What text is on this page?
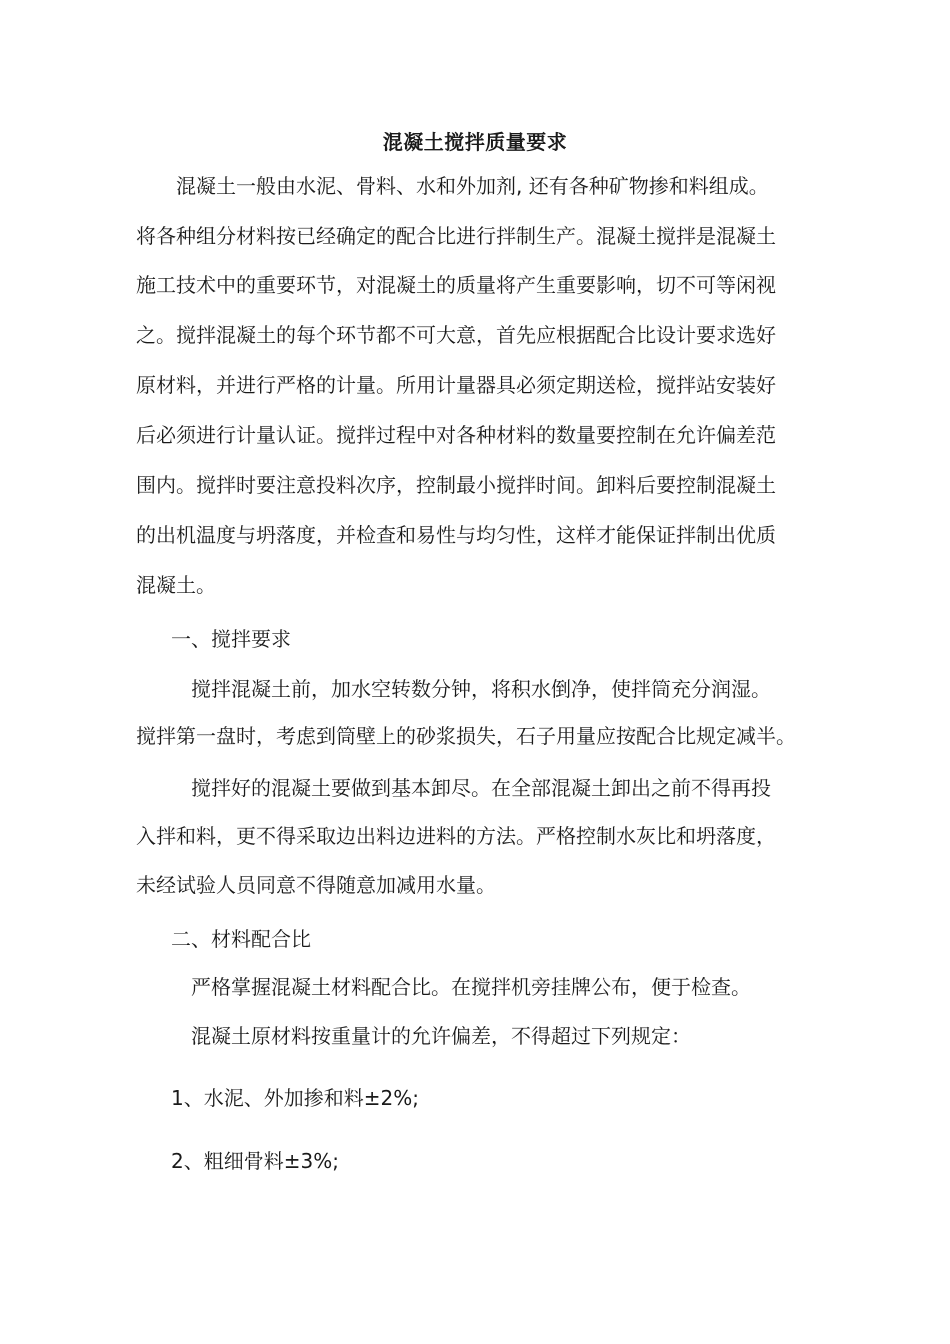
混凝土搅拌质量要求
混凝土一般由水泥、骨料、水和外加剂, 还有各种矿物掺和料组成。
将各种组分材料按已经确定的配合比进行拌制生产。混凝土搅拌是混凝土
施工技术中的重要环节，对混凝土的质量将产生重要影响，切不可等闲视
之。搅拌混凝土的每个环节都不可大意，首先应根据配合比设计要求选好
原材料，并进行严格的计量。所用计量器具必须定期送检，搅拌站安装好
后必须进行计量认证。搅拌过程中对各种材料的数量要控制在允许偏差范
围内。搅拌时要注意投料次序，控制最小搅拌时间。卸料后要控制混凝土
的出机温度与坍落度，并检查和易性与均匀性，这样才能保证拌制出优质
混凝土。
一、搅拌要求
搅拌混凝土前，加水空转数分钟，将积水倒净，使拌筒充分润湿。
搅拌第一盘时，考虑到筒壁上的砂浆损失，石子用量应按配合比规定减半。
搅拌好的混凝土要做到基本卸尽。在全部混凝土卸出之前不得再投
入拌和料，更不得采取边出料边进料的方法。严格控制水灰比和坍落度，
未经试验人员同意不得随意加减用水量。
二、材料配合比
严格掌握混凝土材料配合比。在搅拌机旁挂牌公布，便于检查。
混凝土原材料按重量计的允许偏差，不得超过下列规定：
1、水泥、外加掺和料±2%;
2、粗细骨料±3%;
